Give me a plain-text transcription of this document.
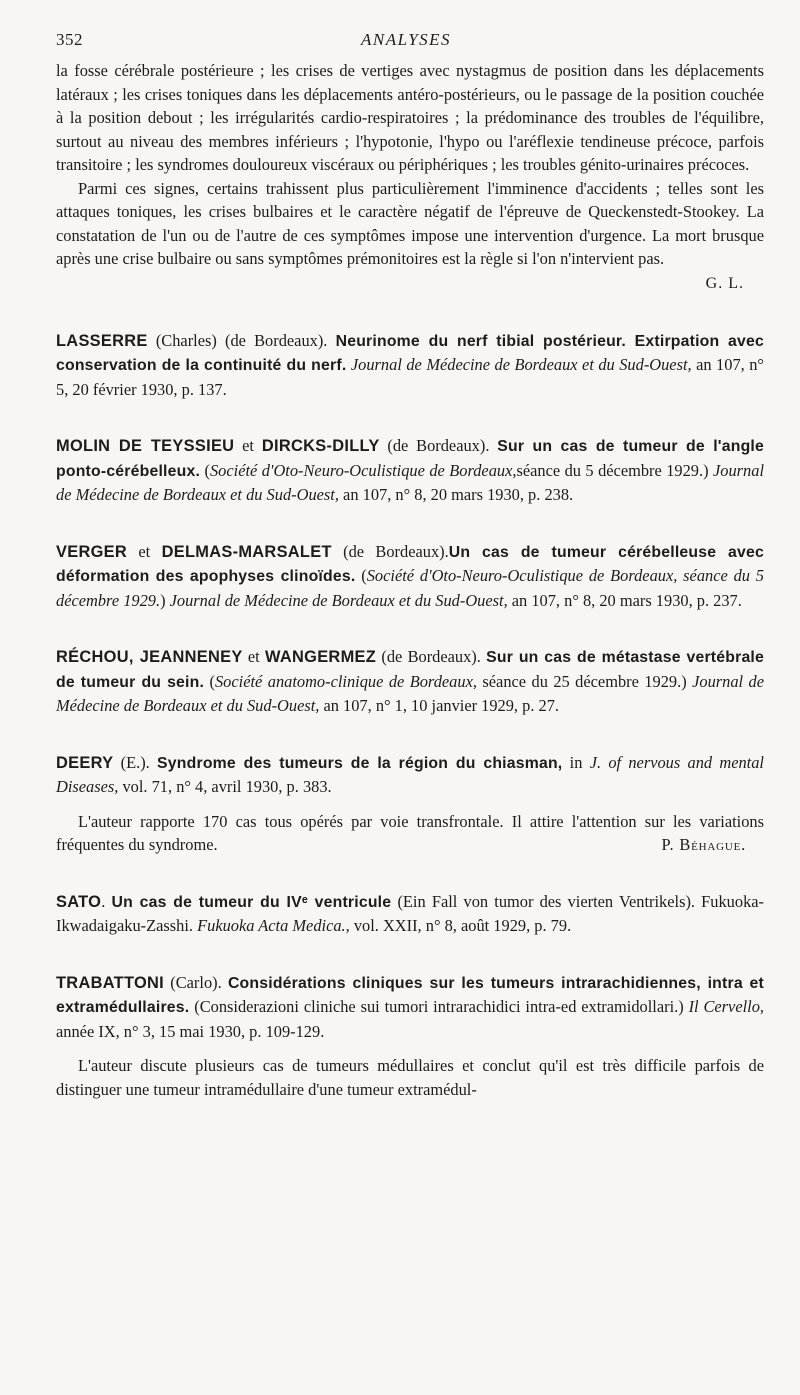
352	ANALYSES

la fosse cérébrale postérieure ; les crises de vertiges avec nystagmus de position dans les déplacements latéraux ; les crises toniques dans les déplacements antéro-postérieurs, ou le passage de la position couchée à la position debout ; les irrégularités cardio-respiratoires ; la prédominance des troubles de l'équilibre, surtout au niveau des membres inférieurs ; l'hypotonie, l'hypo ou l'aréflexie tendineuse précoce, parfois transitoire ; les syndromes douloureux viscéraux ou périphériques ; les troubles génito-urinaires précoces.

Parmi ces signes, certains trahissent plus particulièrement l'imminence d'accidents ; telles sont les attaques toniques, les crises bulbaires et le caractère négatif de l'épreuve de Queckenstedt-Stookey. La constatation de l'un ou de l'autre de ces symptômes impose une intervention d'urgence. La mort brusque après une crise bulbaire ou sans symptômes prémonitoires est la règle si l'on n'intervient pas.

G. L.

LASSERRE (Charles) (de Bordeaux). Neurinome du nerf tibial postérieur. Extirpation avec conservation de la continuité du nerf. Journal de Médecine de Bordeaux et du Sud-Ouest, an 107, n° 5, 20 février 1930, p. 137.

MOLIN DE TEYSSIEU et DIRCKS-DILLY (de Bordeaux). Sur un cas de tumeur de l'angle ponto-cérébelleux. (Société d'Oto-Neuro-Oculistique de Bordeaux,séance du 5 décembre 1929.) Journal de Médecine de Bordeaux et du Sud-Ouest, an 107, n° 8, 20 mars 1930, p. 238.

VERGER et DELMAS-MARSALET (de Bordeaux).Un cas de tumeur cérébelleuse avec déformation des apophyses clinoïdes. (Société d'Oto-Neuro-Oculistique de Bordeaux, séance du 5 décembre 1929.) Journal de Médecine de Bordeaux et du Sud-Ouest, an 107, n° 8, 20 mars 1930, p. 237.

RÉCHOU, JEANNENEY et WANGERMEZ (de Bordeaux). Sur un cas de métastase vertébrale de tumeur du sein. (Société anatomo-clinique de Bordeaux, séance du 25 décembre 1929.) Journal de Médecine de Bordeaux et du Sud-Ouest, an 107, n° 1, 10 janvier 1929, p. 27.

DEERY (E.). Syndrome des tumeurs de la région du chiasman, in J. of nervous and mental Diseases, vol. 71, n° 4, avril 1930, p. 383.

L'auteur rapporte 170 cas tous opérés par voie transfrontale. Il attire l'attention sur les variations fréquentes du syndrome.	P. Béhague.

SATO. Un cas de tumeur du IVᵉ ventricule (Ein Fall von tumor des vierten Ventrikels). Fukuoka-Ikwadaigaku-Zasshi. Fukuoka Acta Medica., vol. XXII, n° 8, août 1929, p. 79.

TRABATTONI (Carlo). Considérations cliniques sur les tumeurs intrarachidiennes, intra et extramédullaires. (Considerazioni cliniche sui tumori intrarachidici intra-ed extramidollari.) Il Cervello, année IX, n° 3, 15 mai 1930, p. 109-129.

L'auteur discute plusieurs cas de tumeurs médullaires et conclut qu'il est très difficile parfois de distinguer une tumeur intramédullaire d'une tumeur extramédul-
